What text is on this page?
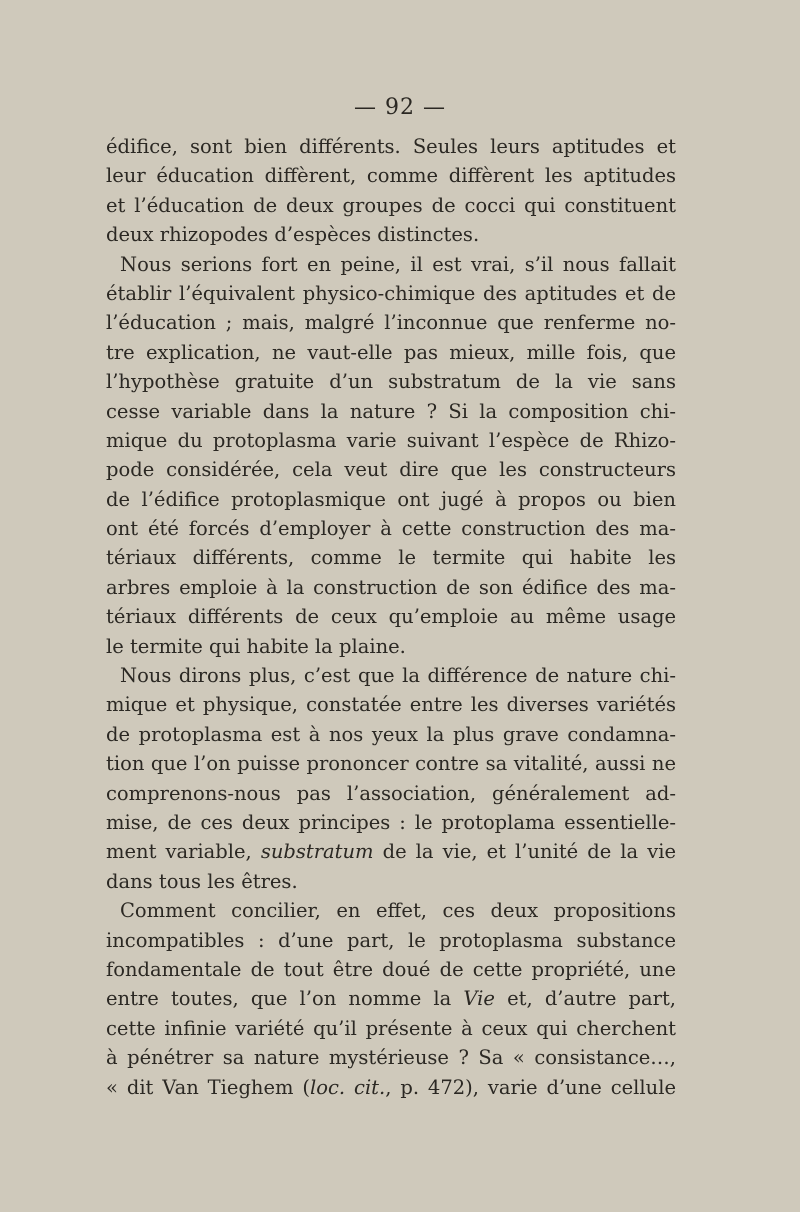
— 92 —
édifice, sont bien différents. Seules leurs aptitudes et
leur éducation diffèrent, comme diffèrent les aptitudes
et l’éducation de deux groupes de cocci qui constituent
deux rhizopodes d’espèces distinctes.
Nous serions fort en peine, il est vrai, s’il nous fallait
établir l’équivalent physico-chimique des aptitudes et de
l’éducation ; mais, malgré l’inconnue que renferme no-
tre explication, ne vaut-elle pas mieux, mille fois, que
l’hypothèse gratuite d’un substratum de la vie sans
cesse variable dans la nature ? Si la composition chi-
mique du protoplasma varie suivant l’espèce de Rhizo-
pode considérée, cela veut dire que les constructeurs
de l’édifice protoplasmique ont jugé à propos ou bien
ont été forcés d’employer à cette construction des ma-
tériaux différents, comme le termite qui habite les
arbres emploie à la construction de son édifice des ma-
tériaux différents de ceux qu’emploie au même usage
le termite qui habite la plaine.
Nous dirons plus, c’est que la différence de nature chi-
mique et physique, constatée entre les diverses variétés
de protoplasma est à nos yeux la plus grave condamna-
tion que l’on puisse prononcer contre sa vitalité, aussi ne
comprenons-nous pas l’association, généralement ad-
mise, de ces deux principes : le protoplama essentielle-
ment variable, substratum de la vie, et l’unité de la vie
dans tous les êtres.
Comment concilier, en effet, ces deux propositions
incompatibles : d’une part, le protoplasma substance
fondamentale de tout être doué de cette propriété, une
entre toutes, que l’on nomme la Vie et, d’autre part,
cette infinie variété qu’il présente à ceux qui cherchent
à pénétrer sa nature mystérieuse ? Sa « consistance…,
« dit Van Tieghem (loc. cit., p. 472), varie d’une cellule
